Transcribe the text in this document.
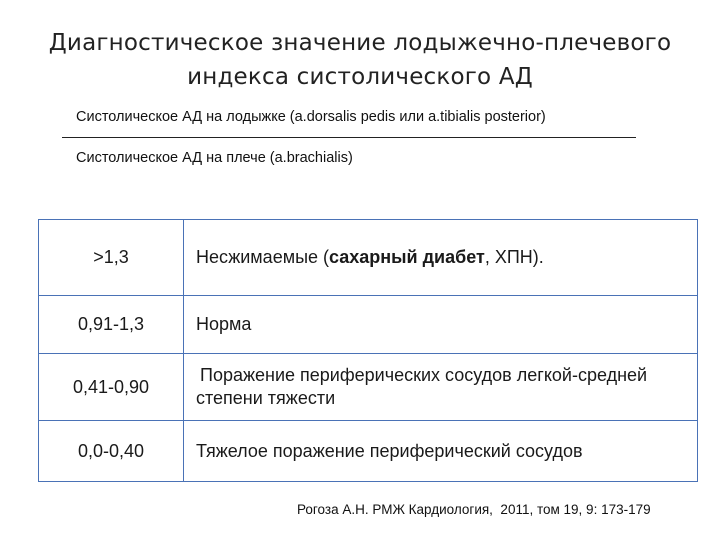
Диагностическое значение лодыжечно-плечевого
индекса систолического АД
Систолическое АД на лодыжке (a.dorsalis pedis или a.tibialis posterior)
Систолическое АД на плече (a.brachialis)
>1,3	Несжимаемые (сахарный диабет, ХПН).
0,91-1,3	Норма
0,41-0,90	Поражение периферических сосудов легкой-средней
степени тяжести

0,0-0,40	Тяжелое поражение периферический сосудов
Рогоза А.Н. РМЖ Кардиология,  2011, том 19, 9: 173-179
